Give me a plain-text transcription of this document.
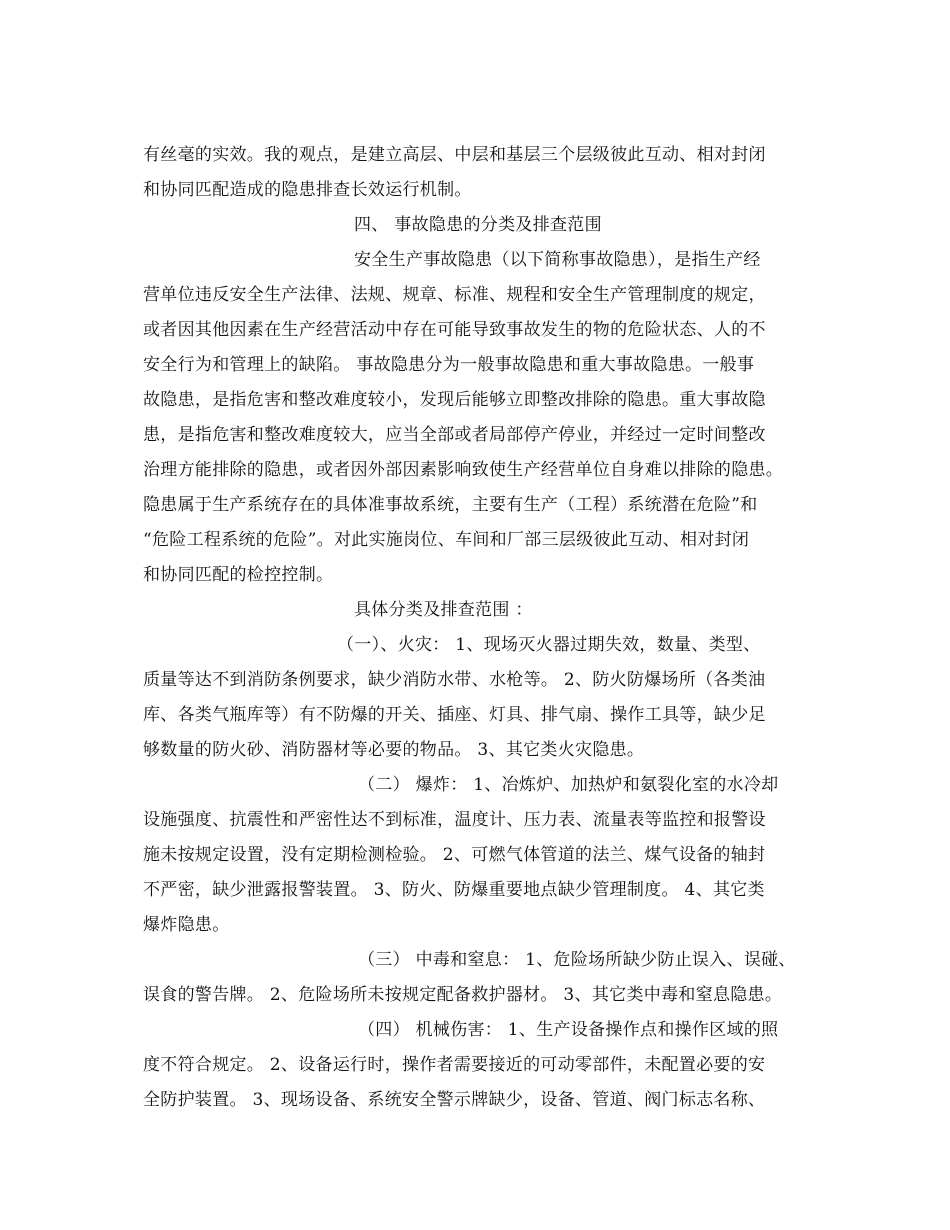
有丝毫的实效。我的观点，是建立高层、中层和基层三个层级彼此互动、相对封闭
和协同匹配造成的隐患排查长效运行机制。
四、 事故隐患的分类及排查范围
安全生产事故隐患（以下简称事故隐患），是指生产经
营单位违反安全生产法律、法规、规章、标准、规程和安全生产管理制度的规定，
或者因其他因素在生产经营活动中存在可能导致事故发生的物的危险状态、人的不
安全行为和管理上的缺陷。 事故隐患分为一般事故隐患和重大事故隐患。一般事
故隐患，是指危害和整改难度较小，发现后能够立即整改排除的隐患。重大事故隐
患，是指危害和整改难度较大，应当全部或者局部停产停业，并经过一定时间整改
治理方能排除的隐患，或者因外部因素影响致使生产经营单位自身难以排除的隐患。
隐患属于生产系统存在的具体准事故系统，主要有生产（工程）系统潜在危险”和
“危险工程系统的危险”。对此实施岗位、车间和厂部三层级彼此互动、相对封闭
和协同匹配的检控控制。
具体分类及排查范围 ：
（一）、火灾： 1、现场灭火器过期失效，数量、类型、
质量等达不到消防条例要求，缺少消防水带、水枪等。 2、防火防爆场所（各类油
库、各类气瓶库等）有不防爆的开关、插座、灯具、排气扇、操作工具等，缺少足
够数量的防火砂、消防器材等必要的物品。 3、其它类火灾隐患。
（二） 爆炸： 1、冶炼炉、加热炉和氨裂化室的水冷却
设施强度、抗震性和严密性达不到标准，温度计、压力表、流量表等监控和报警设
施未按规定设置，没有定期检测检验。 2、可燃气体管道的法兰、煤气设备的轴封
不严密，缺少泄露报警装置。 3、防火、防爆重要地点缺少管理制度。 4、其它类
爆炸隐患。
（三） 中毒和窒息： 1、危险场所缺少防止误入、误碰、
误食的警告牌。 2、危险场所未按规定配备救护器材。 3、其它类中毒和窒息隐患。
（四） 机械伤害： 1、生产设备操作点和操作区域的照
度不符合规定。 2、设备运行时，操作者需要接近的可动零部件，未配置必要的安
全防护装置。 3、现场设备、系统安全警示牌缺少，设备、管道、阀门标志名称、
